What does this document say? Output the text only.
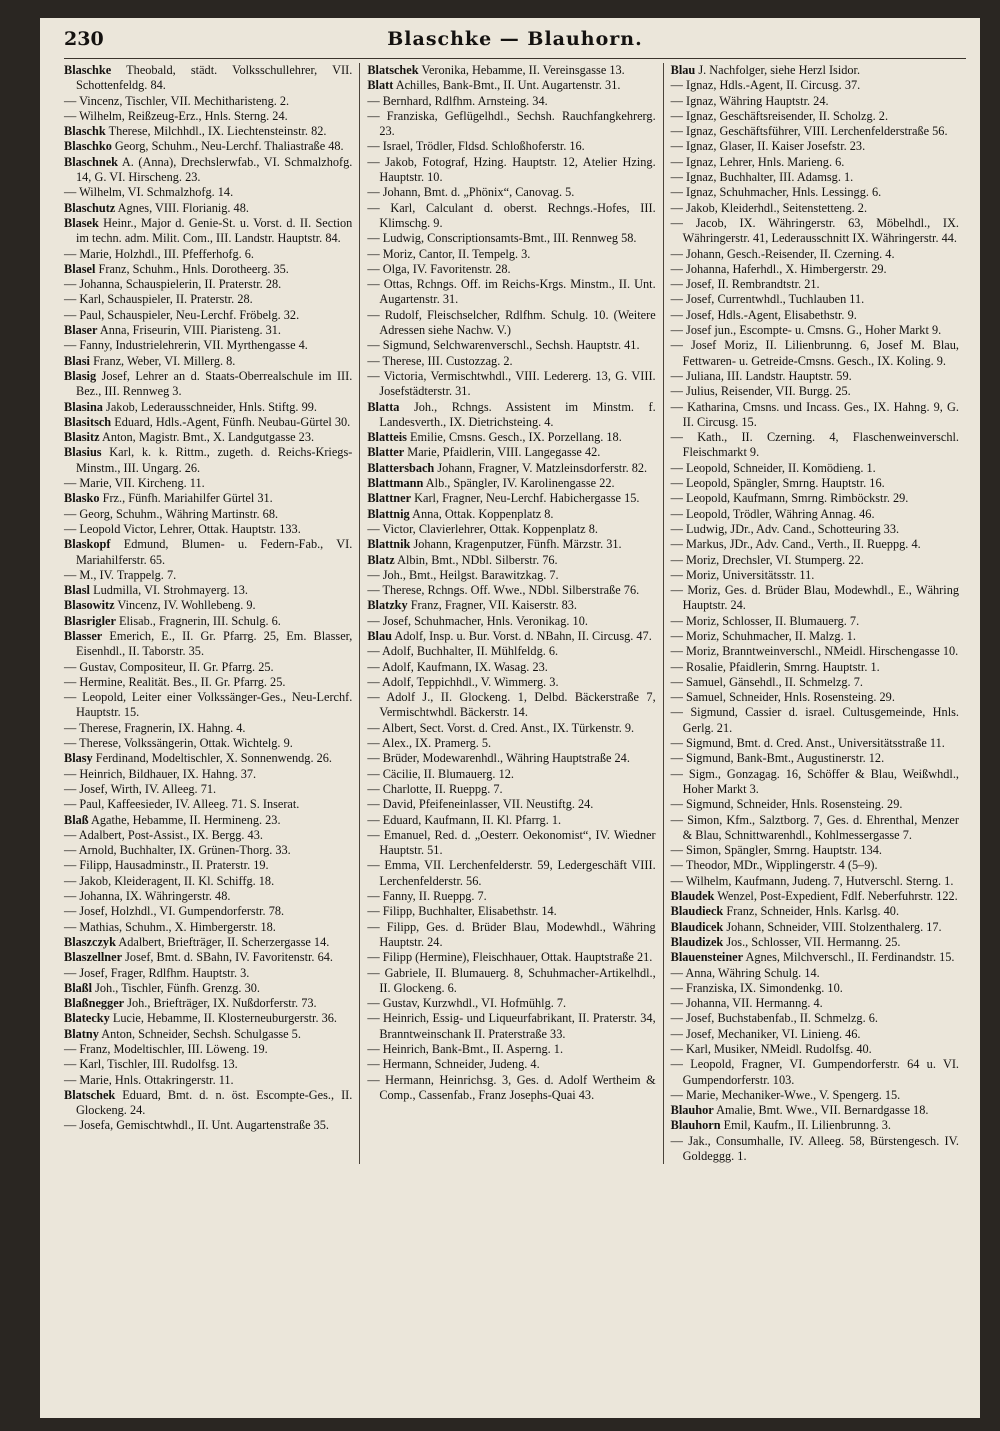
230	Blaschke — Blauhorn.
Blaschke Theobald, städt. Volksschullehrer, VII. Schottenfeldg. 84.
— Vincenz, Tischler, VII. Mechitharisteng. 2.
— Wilhelm, Reißzeug-Erz., Hnls. Sterng. 24.
Blaschk Therese, Milchhdl., IX. Liechtensteinstr. 82.
Blaschko Georg, Schuhm., Neu-Lerchf. Thaliastraße 48.
Blaschnek A. (Anna), Drechslerwfab., VI. Schmalzhofg. 14, G. VI. Hirscheng. 23.
— Wilhelm, VI. Schmalzhofg. 14.
Blaschutz Agnes, VIII. Florianig. 48.
Blasek Heinr., Major d. Genie-St. u. Vorst. d. II. Section im techn. adm. Milit. Com., III. Landstr. Hauptstr. 84.
— Marie, Holzhdl., III. Pfefferhofg. 6.
Blasel Franz, Schuhm., Hnls. Dorotheerg. 35.
— Johanna, Schauspielerin, II. Praterstr. 28.
— Karl, Schauspieler, II. Praterstr. 28.
— Paul, Schauspieler, Neu-Lerchf. Fröbelg. 32.
Blaser Anna, Friseurin, VIII. Piaristeng. 31.
— Fanny, Industrielehrerin, VII. Myrthengasse 4.
Blasi Franz, Weber, VI. Millerg. 8.
Blasig Josef, Lehrer an d. Staats-Oberrealschule im III. Bez., III. Rennweg 3.
Blasina Jakob, Lederausschneider, Hnls. Stiftg. 99.
Blasitsch Eduard, Hdls.-Agent, Fünfh. Neubau-Gürtel 30.
Blasitz Anton, Magistr. Bmt., X. Landgutgasse 23.
Blasius Karl, k. k. Rittm., zugeth. d. Reichs-Kriegs-Minstm., III. Ungarg. 26.
— Marie, VII. Kircheng. 11.
Blasko Frz., Fünfh. Mariahilfer Gürtel 31.
— Georg, Schuhm., Währing Martinstr. 68.
— Leopold Victor, Lehrer, Ottak. Hauptstr. 133.
Blaskopf Edmund, Blumen- u. Federn-Fab., VI. Mariahilferstr. 65.
— M., IV. Trappelg. 7.
Blasl Ludmilla, VI. Strohmayerg. 13.
Blasowitz Vincenz, IV. Wohllebeng. 9.
Blasrigler Elisab., Fragnerin, III. Schulg. 6.
Blasser Emerich, E., II. Gr. Pfarrg. 25, Em. Blasser, Eisenhdl., II. Taborstr. 35.
— Gustav, Compositeur, II. Gr. Pfarrg. 25.
— Hermine, Realität. Bes., II. Gr. Pfarrg. 25.
— Leopold, Leiter einer Volkssänger-Ges., Neu-Lerchf. Hauptstr. 15.
— Therese, Fragnerin, IX. Hahng. 4.
— Therese, Volkssängerin, Ottak. Wichtelg. 9.
Blasy Ferdinand, Modeltischler, X. Sonnenwendg. 26.
— Heinrich, Bildhauer, IX. Hahng. 37.
— Josef, Wirth, IV. Alleeg. 71.
— Paul, Kaffeesieder, IV. Alleeg. 71. S. Inserat.
Blaß Agathe, Hebamme, II. Hermineng. 23.
— Adalbert, Post-Assist., IX. Bergg. 43.
— Arnold, Buchhalter, IX. Grünen-Thorg. 33.
— Filipp, Hausadminstr., II. Praterstr. 19.
— Jakob, Kleideragent, II. Kl. Schiffg. 18.
— Johanna, IX. Währingerstr. 48.
— Josef, Holzhdl., VI. Gumpendorferstr. 78.
— Mathias, Schuhm., X. Himbergerstr. 18.
Blaszczyk Adalbert, Briefträger, II. Scherzergasse 14.
Blaszellner Josef, Bmt. d. SBahn, IV. Favoritenstr. 64.
— Josef, Frager, Rdlfhm. Hauptstr. 3.
Blaßl Joh., Tischler, Fünfh. Grenzg. 30.
Blaßnegger Joh., Briefträger, IX. Nußdorferstr. 73.
Blatecky Lucie, Hebamme, II. Klosterneuburgerstr. 36.
Blatny Anton, Schneider, Sechsh. Schulgasse 5.
— Franz, Modeltischler, III. Löweng. 19.
— Karl, Tischler, III. Rudolfsg. 13.
— Marie, Hnls. Ottakringerstr. 11.
Blatschek Eduard, Bmt. d. n. öst. Escompte-Ges., II. Glockeng. 24.
— Josefa, Gemischtwhdl., II. Unt. Augartenstraße 35.
Blatschek Veronika, Hebamme, II. Vereinsgasse 13.
Blatt Achilles, Bank-Bmt., II. Unt. Augartenstr. 31.
— Bernhard, Rdlfhm. Arnsteing. 34.
— Franziska, Geflügelhdl., Sechsh. Rauchfangkehrerg. 23.
— Israel, Trödler, Fldsd. Schloßhoferstr. 16.
— Jakob, Fotograf, Hzing. Hauptstr. 12, Atelier Hzing. Hauptstr. 10.
— Johann, Bmt. d. „Phönix“, Canovag. 5.
— Karl, Calculant d. oberst. Rechngs.-Hofes, III. Klimschg. 9.
— Ludwig, Conscriptionsamts-Bmt., III. Rennweg 58.
— Moriz, Cantor, II. Tempelg. 3.
— Olga, IV. Favoritenstr. 28.
— Ottas, Rchngs. Off. im Reichs-Krgs. Minstm., II. Unt. Augartenstr. 31.
— Rudolf, Fleischselcher, Rdlfhm. Schulg. 10. (Weitere Adressen siehe Nachw. V.)
— Sigmund, Selchwarenverschl., Sechsh. Hauptstr. 41.
— Therese, III. Custozzag. 2.
— Victoria, Vermischtwhdl., VIII. Ledererg. 13, G. VIII. Josefstädterstr. 31.
Blatta Joh., Rchngs. Assistent im Minstm. f. Landesverth., IX. Dietrichsteing. 4.
Blatteis Emilie, Cmsns. Gesch., IX. Porzellang. 18.
Blatter Marie, Pfaidlerin, VIII. Langegasse 42.
Blattersbach Johann, Fragner, V. Matzleinsdorferstr. 82.
Blattmann Alb., Spängler, IV. Karolinengasse 22.
Blattner Karl, Fragner, Neu-Lerchf. Habichergasse 15.
Blattnig Anna, Ottak. Koppenplatz 8.
— Victor, Clavierlehrer, Ottak. Koppenplatz 8.
Blattnik Johann, Kragenputzer, Fünfh. Märzstr. 31.
Blatz Albin, Bmt., NDbl. Silberstr. 76.
— Joh., Bmt., Heilgst. Barawitzkag. 7.
— Therese, Rchngs. Off. Wwe., NDbl. Silberstraße 76.
Blatzky Franz, Fragner, VII. Kaiserstr. 83.
— Josef, Schuhmacher, Hnls. Veronikag. 10.
Blau Adolf, Insp. u. Bur. Vorst. d. NBahn, II. Circusg. 47.
— Adolf, Buchhalter, II. Mühlfeldg. 6.
— Adolf, Kaufmann, IX. Wasag. 23.
— Adolf, Teppichhdl., V. Wimmerg. 3.
— Adolf J., II. Glockeng. 1, Delbd. Bäckerstraße 7, Vermischtwhdl. Bäckerstr. 14.
— Albert, Sect. Vorst. d. Cred. Anst., IX. Türkenstr. 9.
— Alex., IX. Pramerg. 5.
— Brüder, Modewarenhdl., Währing Hauptstraße 24.
— Cäcilie, II. Blumauerg. 12.
— Charlotte, II. Rueppg. 7.
— David, Pfeifeneinlasser, VII. Neustiftg. 24.
— Eduard, Kaufmann, II. Kl. Pfarrg. 1.
— Emanuel, Red. d. „Oesterr. Oekonomist“, IV. Wiedner Hauptstr. 51.
— Emma, VII. Lerchenfelderstr. 59, Ledergeschäft VIII. Lerchenfelderstr. 56.
— Fanny, II. Rueppg. 7.
— Filipp, Buchhalter, Elisabethstr. 14.
— Filipp, Ges. d. Brüder Blau, Modewhdl., Währing Hauptstr. 24.
— Filipp (Hermine), Fleischhauer, Ottak. Hauptstraße 21.
— Gabriele, II. Blumauerg. 8, Schuhmacher-Artikelhdl., II. Glockeng. 6.
— Gustav, Kurzwhdl., VI. Hofmühlg. 7.
— Heinrich, Essig- und Liqueurfabrikant, II. Praterstr. 34, Branntweinschank II. Praterstraße 33.
— Heinrich, Bank-Bmt., II. Asperng. 1.
— Hermann, Schneider, Judeng. 4.
— Hermann, Heinrichsg. 3, Ges. d. Adolf Wertheim & Comp., Cassenfab., Franz Josephs-Quai 43.
Blau J. Nachfolger, siehe Herzl Isidor.
— Ignaz, Hdls.-Agent, II. Circusg. 37.
— Ignaz, Währing Hauptstr. 24.
— Ignaz, Geschäftsreisender, II. Scholzg. 2.
— Ignaz, Geschäftsführer, VIII. Lerchenfelderstraße 56.
— Ignaz, Glaser, II. Kaiser Josefstr. 23.
— Ignaz, Lehrer, Hnls. Marieng. 6.
— Ignaz, Buchhalter, III. Adamsg. 1.
— Ignaz, Schuhmacher, Hnls. Lessingg. 6.
— Jakob, Kleiderhdl., Seitenstetteng. 2.
— Jacob, IX. Währingerstr. 63, Möbelhdl., IX. Währingerstr. 41, Lederausschnitt IX. Währingerstr. 44.
— Johann, Gesch.-Reisender, II. Czerning. 4.
— Johanna, Haferhdl., X. Himbergerstr. 29.
— Josef, II. Rembrandtstr. 21.
— Josef, Currentwhdl., Tuchlauben 11.
— Josef, Hdls.-Agent, Elisabethstr. 9.
— Josef jun., Escompte- u. Cmsns. G., Hoher Markt 9.
— Josef Moriz, II. Lilienbrunng. 6, Josef M. Blau, Fettwaren- u. Getreide-Cmsns. Gesch., IX. Koling. 9.
— Juliana, III. Landstr. Hauptstr. 59.
— Julius, Reisender, VII. Burgg. 25.
— Katharina, Cmsns. und Incass. Ges., IX. Hahng. 9, G. II. Circusg. 15.
— Kath., II. Czerning. 4, Flaschenweinverschl. Fleischmarkt 9.
— Leopold, Schneider, II. Komödieng. 1.
— Leopold, Spängler, Smrng. Hauptstr. 16.
— Leopold, Kaufmann, Smrng. Rimböckstr. 29.
— Leopold, Trödler, Währing Annag. 46.
— Ludwig, JDr., Adv. Cand., Schotteuring 33.
— Markus, JDr., Adv. Cand., Verth., II. Rueppg. 4.
— Moriz, Drechsler, VI. Stumperg. 22.
— Moriz, Universitätsstr. 11.
— Moriz, Ges. d. Brüder Blau, Modewhdl., E., Währing Hauptstr. 24.
— Moriz, Schlosser, II. Blumauerg. 7.
— Moriz, Schuhmacher, II. Malzg. 1.
— Moriz, Branntweinverschl., NMeidl. Hirschengasse 10.
— Rosalie, Pfaidlerin, Smrng. Hauptstr. 1.
— Samuel, Gänsehdl., II. Schmelzg. 7.
— Samuel, Schneider, Hnls. Rosensteing. 29.
— Sigmund, Cassier d. israel. Cultusgemeinde, Hnls. Gerlg. 21.
— Sigmund, Bmt. d. Cred. Anst., Universitätsstraße 11.
— Sigmund, Bank-Bmt., Augustinerstr. 12.
— Sigm., Gonzagag. 16, Schöffer & Blau, Weißwhdl., Hoher Markt 3.
— Sigmund, Schneider, Hnls. Rosensteing. 29.
— Simon, Kfm., Salztborg. 7, Ges. d. Ehrenthal, Menzer & Blau, Schnittwarenhdl., Kohlmessergasse 7.
— Simon, Spängler, Smrng. Hauptstr. 134.
— Theodor, MDr., Wipplingerstr. 4 (5–9).
— Wilhelm, Kaufmann, Judeng. 7, Hutverschl. Sterng. 1.
Blaudek Wenzel, Post-Expedient, Fdlf. Neberfuhrstr. 122.
Blaudieck Franz, Schneider, Hnls. Karlsg. 40.
Blaudicek Johann, Schneider, VIII. Stolzenthalerg. 17.
Blaudizek Jos., Schlosser, VII. Hermanng. 25.
Blauensteiner Agnes, Milchverschl., II. Ferdinandstr. 15.
— Anna, Währing Schulg. 14.
— Franziska, IX. Simondenkg. 10.
— Johanna, VII. Hermanng. 4.
— Josef, Buchstabenfab., II. Schmelzg. 6.
— Josef, Mechaniker, VI. Linieng. 46.
— Karl, Musiker, NMeidl. Rudolfsg. 40.
— Leopold, Fragner, VI. Gumpendorferstr. 64 u. VI. Gumpendorferstr. 103.
— Marie, Mechaniker-Wwe., V. Spengerg. 15.
Blauhor Amalie, Bmt. Wwe., VII. Bernardgasse 18.
Blauhorn Emil, Kaufm., II. Lilienbrunng. 3.
— Jak., Consumhalle, IV. Alleeg. 58, Bürstengesch. IV. Goldeggg. 1.
